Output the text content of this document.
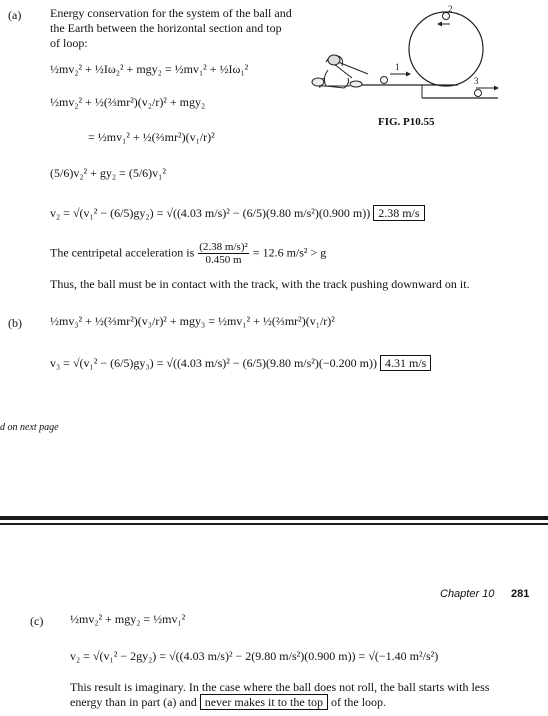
(a) Energy conservation for the system of the ball and
the Earth between the horizontal section and top
of loop:
½mv₂² + ½Iω₂² + mgy₂ = ½mv₁² + ½Iω₁²
½mv₂² + ½(⅔mr²)(v₂/r)² + mgy₂
= ½mv₁² + ½(⅔mr²)(v₁/r)²
(5/6)v₂² + gy₂ = (5/6)v₁²
v₂ = √(v₁² − (6/5)gy₂) = √((4.03 m/s)² − (6/5)(9.80 m/s²)(0.900 m)) 2.38 m/s
The centripetal acceleration is $\frac{\text{(2.38 m/s)²}}{0.450 m} = 12.6$ m/s² > g
Thus, the ball must be in contact with the track, with the track pushing downward on it.
1
2
3
FIG. P10.55
(b) ½mv₃² + ½(⅔mr²)(v₃/r)² + mgy₃ = ½mv₁² + ½(⅔mr²)(v₁/r)²
v₃ = √(v₁² − (6/5)gy₃) = √((4.03 m/s)² − (6/5)(9.80 m/s²)(−0.200 m)) 4.31 m/s
d on next page
Chapter 10 281
(c) ½mv₂² + mgy₂ = ½mv₁²
v₂ = √(v₁² − 2gy₂) = √((4.03 m/s)² − 2(9.80 m/s²)(0.900 m)) = √(−1.40 m²/s²)
This result is imaginary. In the case where the ball does not roll, the ball starts with less
energy than in part (a) and never makes it to the top of the loop.
